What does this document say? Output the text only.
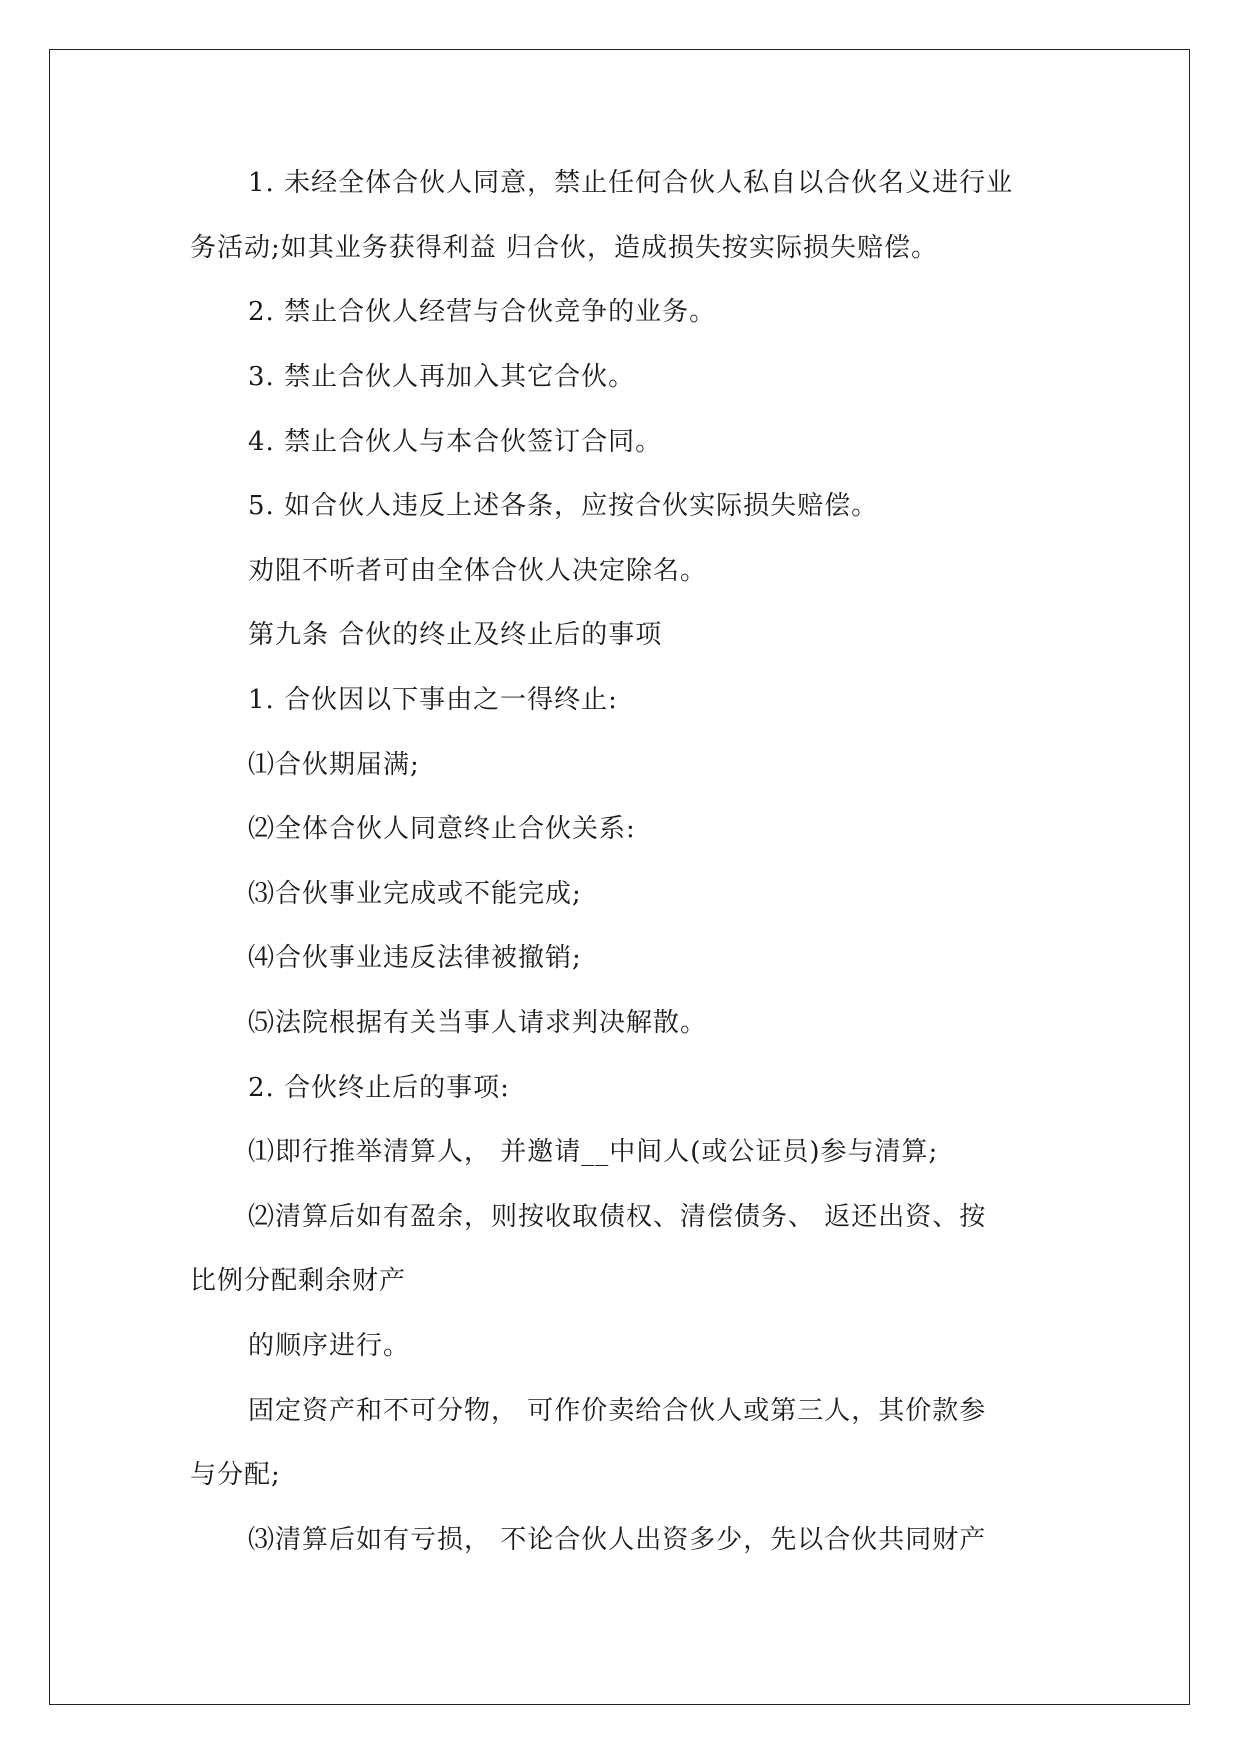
1. 未经全体合伙人同意，禁止任何合伙人私自以合伙名义进行业
务活动;如其业务获得利益 归合伙，造成损失按实际损失赔偿。
2. 禁止合伙人经营与合伙竞争的业务。
3. 禁止合伙人再加入其它合伙。
4. 禁止合伙人与本合伙签订合同。
5. 如合伙人违反上述各条，应按合伙实际损失赔偿。
劝阻不听者可由全体合伙人决定除名。
第九条 合伙的终止及终止后的事项
1. 合伙因以下事由之一得终止:
⑴合伙期届满;
⑵全体合伙人同意终止合伙关系:
⑶合伙事业完成或不能完成;
⑷合伙事业违反法律被撤销;
⑸法院根据有关当事人请求判决解散。
2. 合伙终止后的事项:
⑴即行推举清算人， 并邀请__中间人(或公证员)参与清算;
⑵清算后如有盈余，则按收取债权、清偿债务、 返还出资、按
比例分配剩余财产
的顺序进行。
固定资产和不可分物， 可作价卖给合伙人或第三人，其价款参
与分配;
⑶清算后如有亏损， 不论合伙人出资多少，先以合伙共同财产
